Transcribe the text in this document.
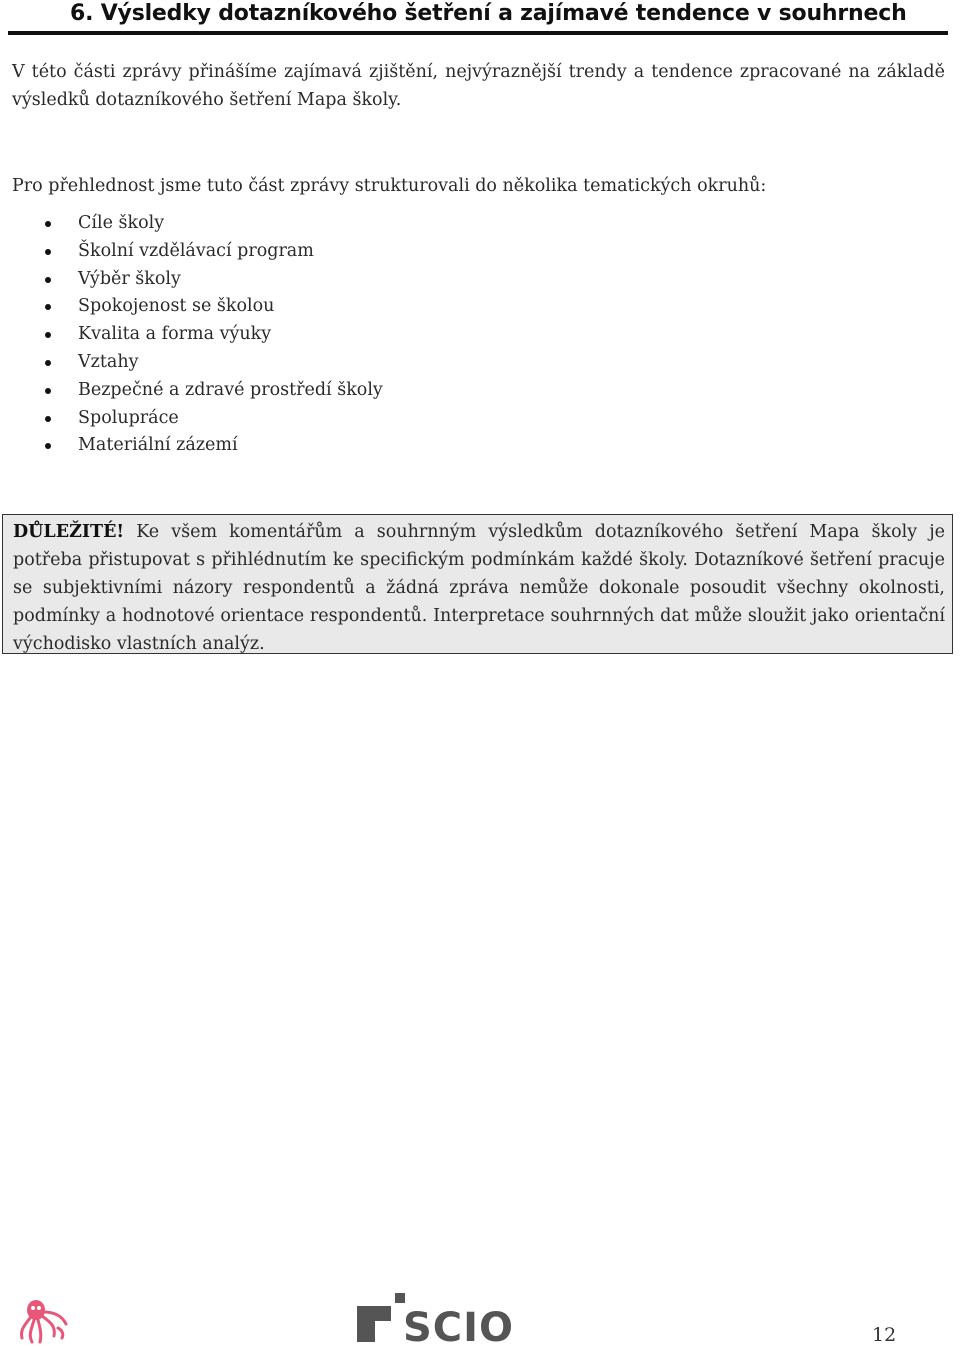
6. Výsledky dotazníkového šetření a zajímavé tendence v souhrnech

V této části zprávy přinášíme zajímavá zjištění, nejvýraznější trendy a tendence zpracované na základě výsledků dotazníkového šetření Mapa školy.

Pro přehlednost jsme tuto část zprávy strukturovali do několika tematických okruhů:

Cíle školy
Školní vzdělávací program
Výběr školy
Spokojenost se školou
Kvalita a forma výuky
Vztahy
Bezpečné a zdravé prostředí školy
Spolupráce
Materiální zázemí

DŮLEŽITÉ! Ke všem komentářům a souhrnným výsledkům dotazníkového šetření Mapa školy je potřeba přistupovat s přihlédnutím ke specifickým podmínkám každé školy. Dotazníkové šetření pracuje se subjektivními názory respondentů a žádná zpráva nemůže dokonale posoudit všechny okolnosti, podmínky a hodnotové orientace respondentů. Interpretace souhrnných dat může sloužit jako orientační východisko vlastních analýz.

SCIO	12
